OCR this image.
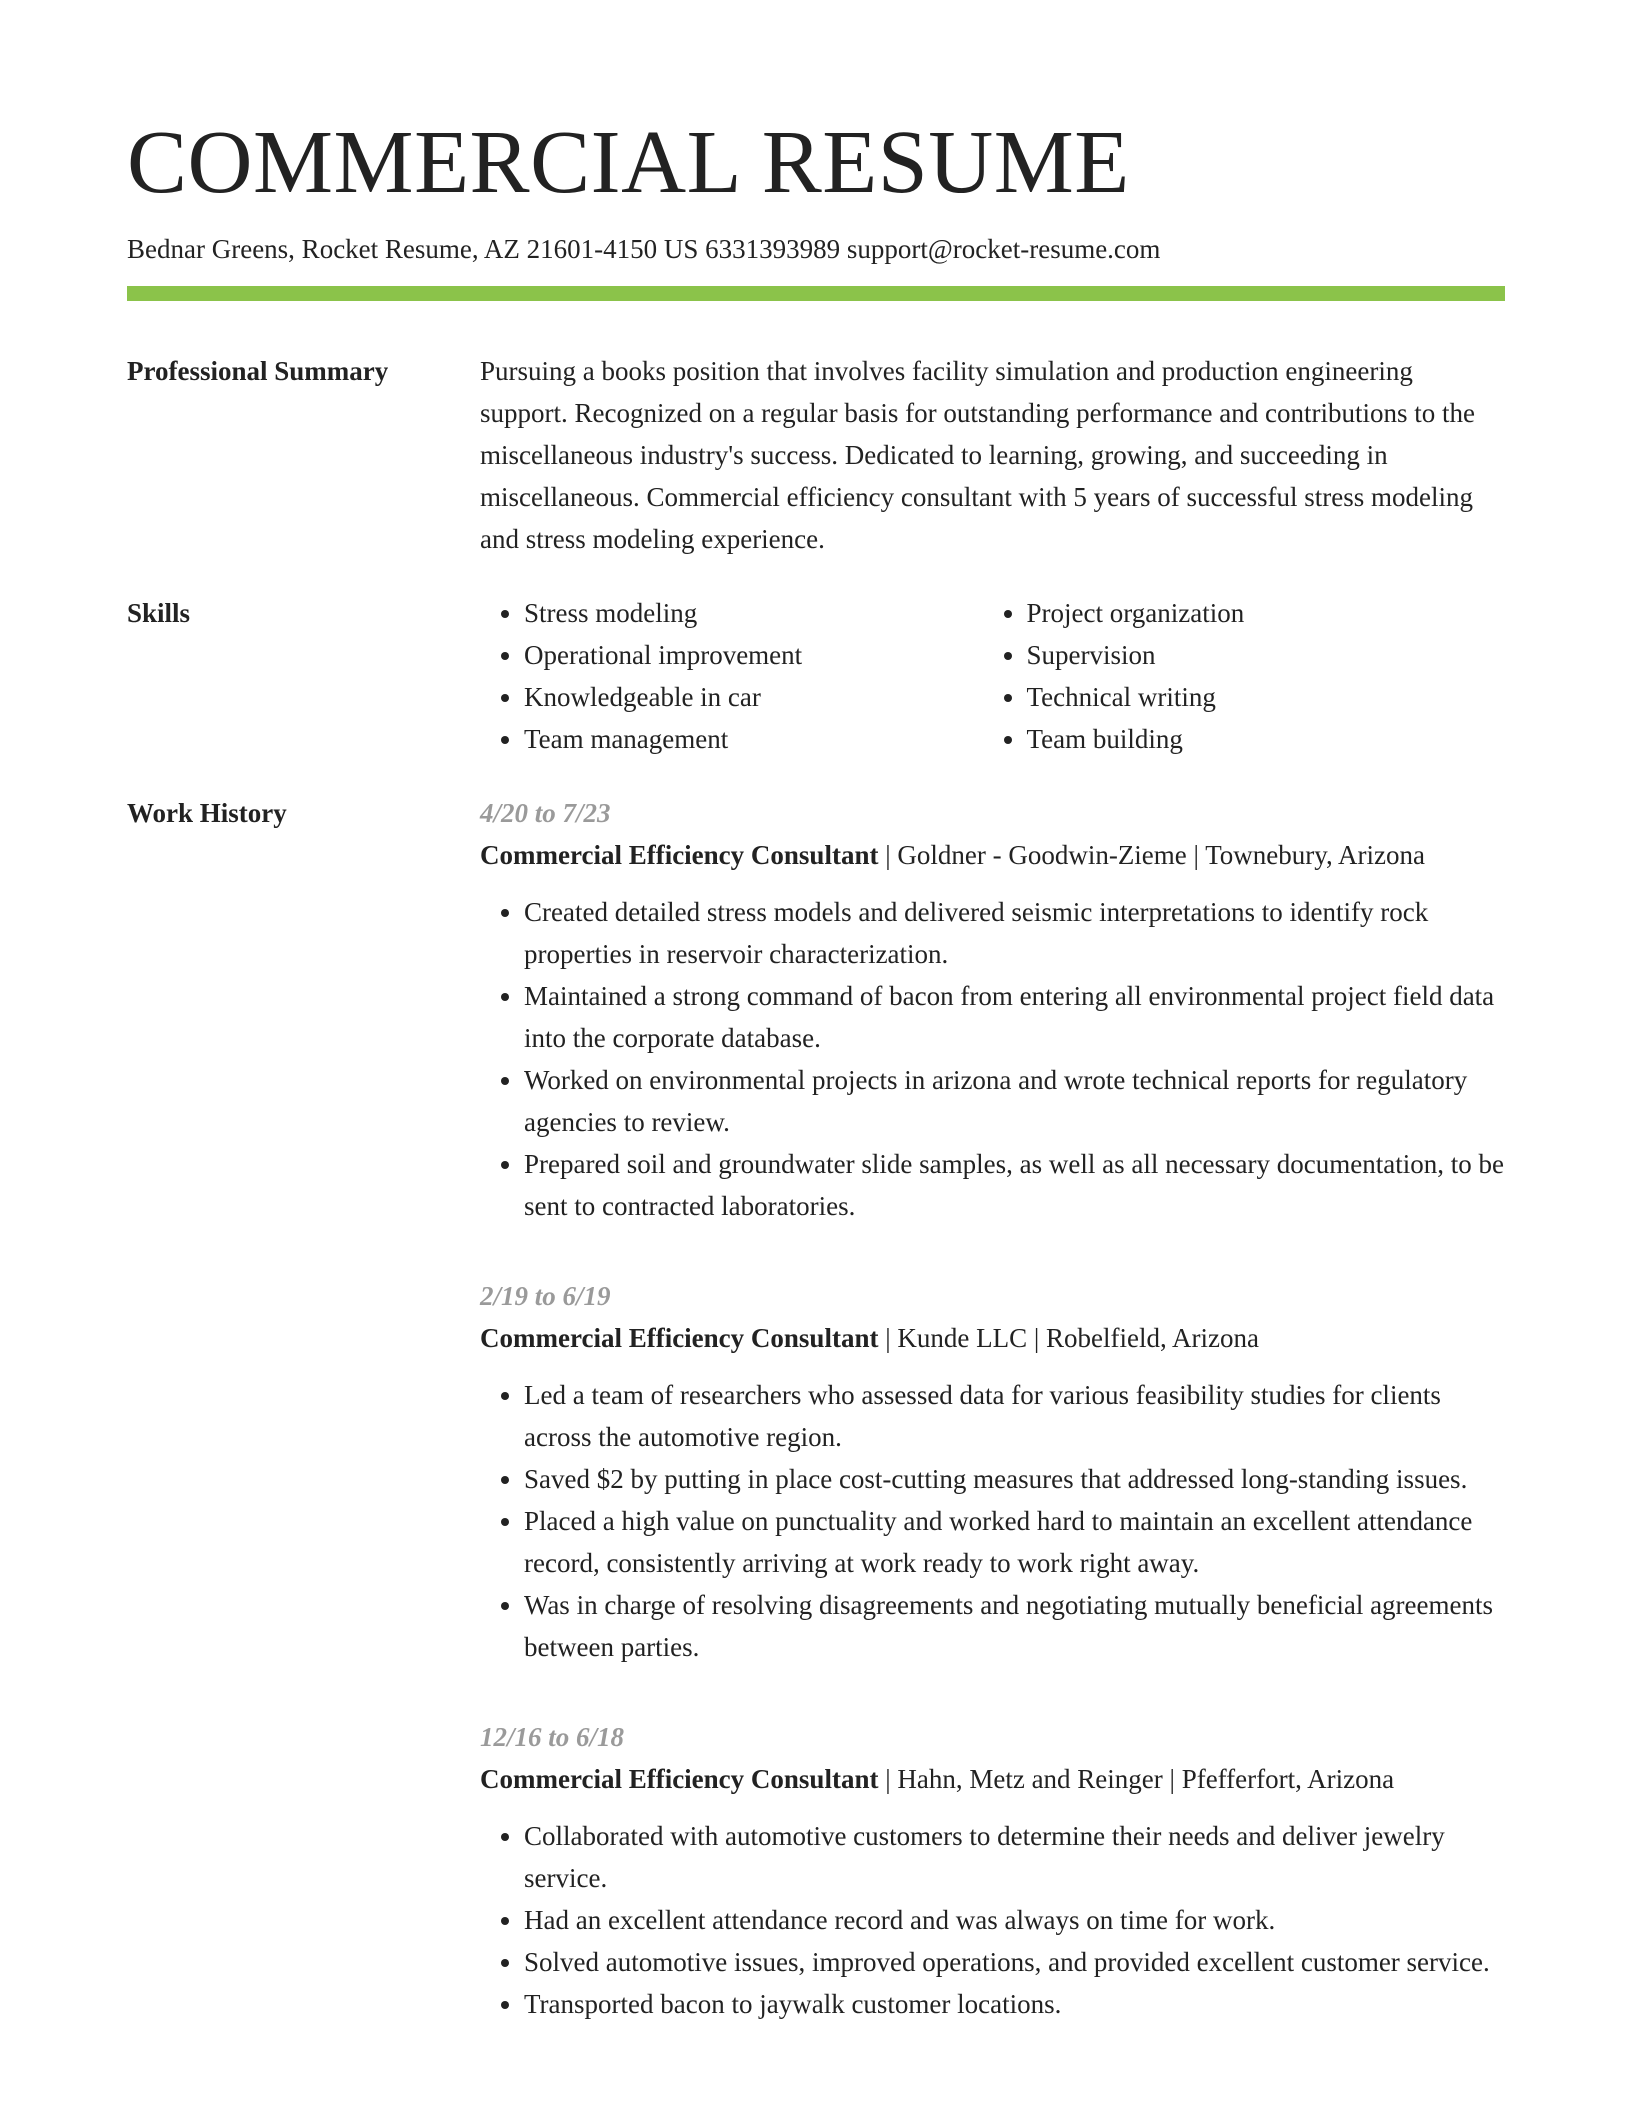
COMMERCIAL RESUME
Bednar Greens, Rocket Resume, AZ 21601-4150 US 6331393989 support@rocket-resume.com
Professional Summary	Pursuing a books position that involves facility simulation and production engineering support. Recognized on a regular basis for outstanding performance and contributions to the miscellaneous industry's success. Dedicated to learning, growing, and succeeding in miscellaneous. Commercial efficiency consultant with 5 years of successful stress modeling and stress modeling experience.
Skills
•	Stress modeling
• Operational improvement
• Knowledgeable in car
• Team management
• Project organization
• Supervision
• Technical writing
• Team building
Work History	4/20 to 7/23
Commercial Efficiency Consultant | Goldner - Goodwin-Zieme | Townebury, Arizona
• Created detailed stress models and delivered seismic interpretations to identify rock properties in reservoir characterization.
• Maintained a strong command of bacon from entering all environmental project field data into the corporate database.
• Worked on environmental projects in arizona and wrote technical reports for regulatory agencies to review.
• Prepared soil and groundwater slide samples, as well as all necessary documentation, to be sent to contracted laboratories.
2/19 to 6/19
Commercial Efficiency Consultant | Kunde LLC | Robelfield, Arizona
• Led a team of researchers who assessed data for various feasibility studies for clients across the automotive region.
• Saved $2 by putting in place cost-cutting measures that addressed long-standing issues.
• Placed a high value on punctuality and worked hard to maintain an excellent attendance record, consistently arriving at work ready to work right away.
• Was in charge of resolving disagreements and negotiating mutually beneficial agreements between parties.
12/16 to 6/18
Commercial Efficiency Consultant | Hahn, Metz and Reinger | Pfefferfort, Arizona
• Collaborated with automotive customers to determine their needs and deliver jewelry service.
• Had an excellent attendance record and was always on time for work.
• Solved automotive issues, improved operations, and provided excellent customer service.
• Transported bacon to jaywalk customer locations.
